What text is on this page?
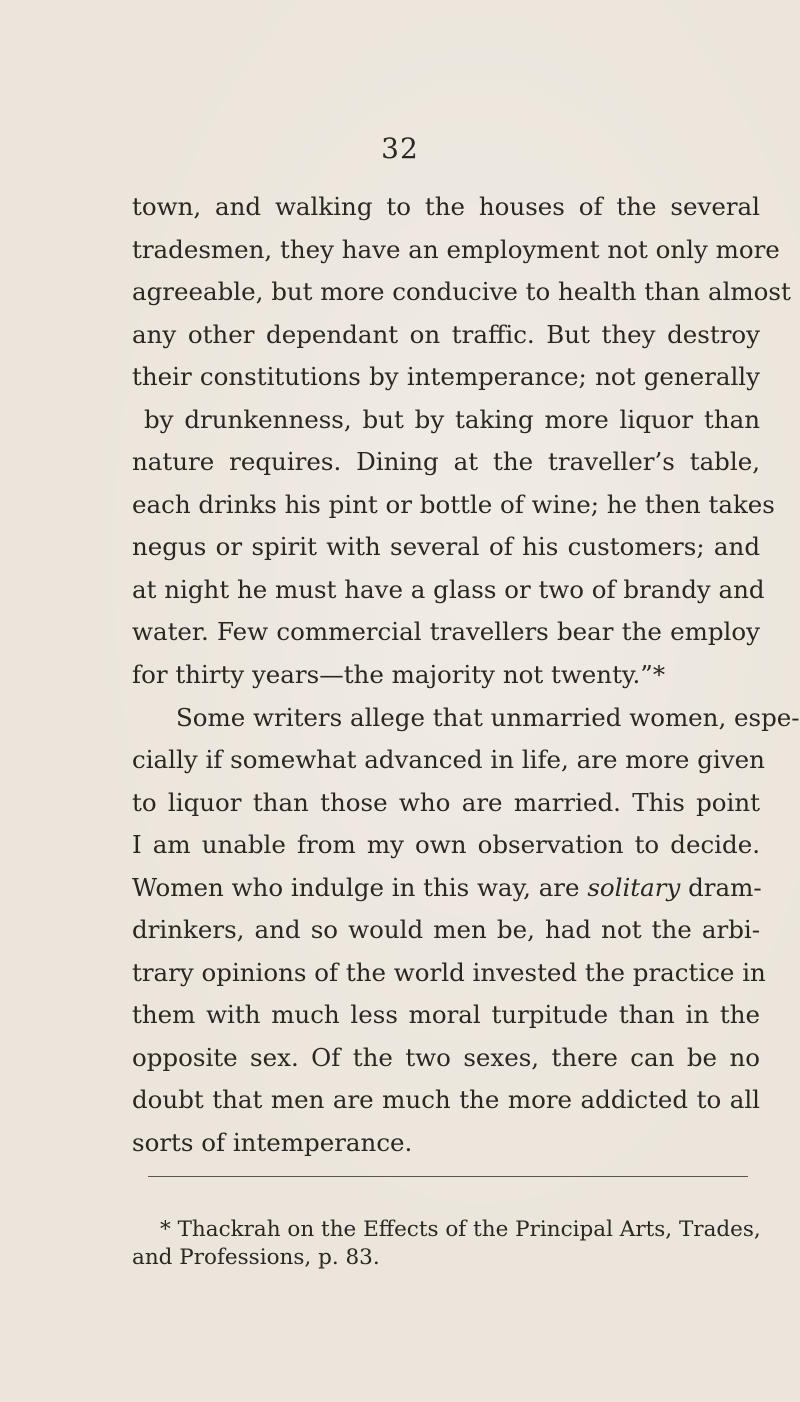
32
town, and walking to the houses of the several
tradesmen, they have an employment not only more
agreeable, but more conducive to health than almost
any other dependant on traffic. But they destroy
their constitutions by intemperance; not generally
by drunkenness, but by taking more liquor than
nature requires. Dining at the traveller’s table,
each drinks his pint or bottle of wine; he then takes
negus or spirit with several of his customers; and
at night he must have a glass or two of brandy and
water. Few commercial travellers bear the employ
for thirty years—the majority not twenty.”*
Some writers allege that unmarried women, espe-
cially if somewhat advanced in life, are more given
to liquor than those who are married. This point
I am unable from my own observation to decide.
Women who indulge in this way, are solitary dram-
drinkers, and so would men be, had not the arbi-
trary opinions of the world invested the practice in
them with much less moral turpitude than in the
opposite sex. Of the two sexes, there can be no
doubt that men are much the more addicted to all
sorts of intemperance.
* Thackrah on the Effects of the Principal Arts, Trades,
and Professions, p. 83.
